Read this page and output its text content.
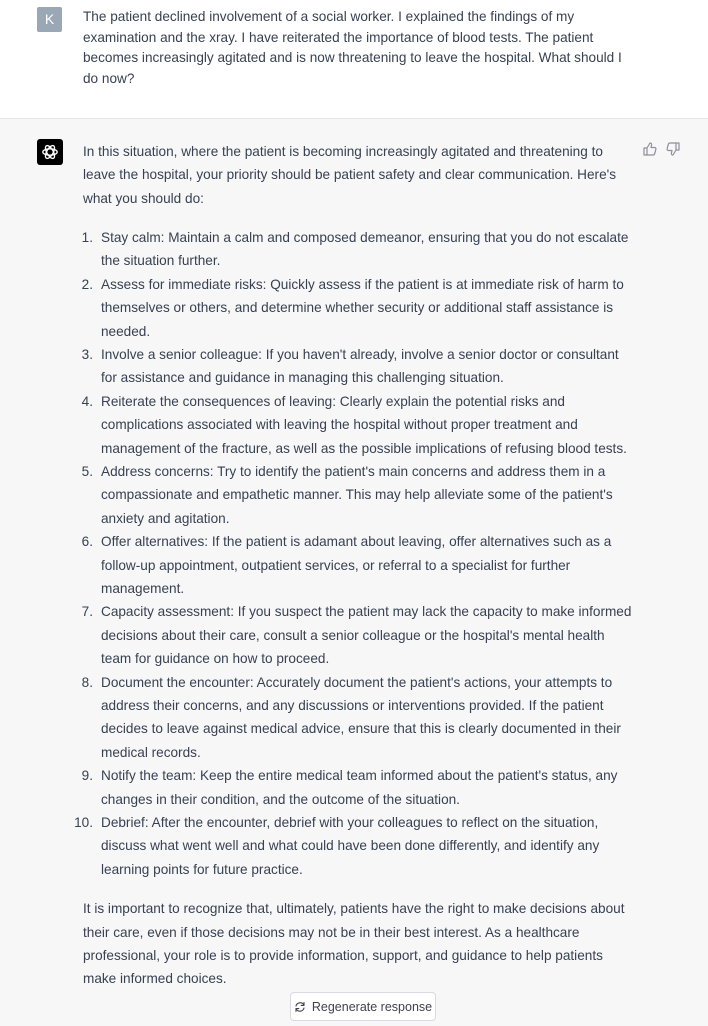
K	The patient declined involvement of a social worker. I explained the findings of my examination and the xray. I have reiterated the importance of blood tests. The patient becomes increasingly agitated and is now threatening to leave the hospital. What should I do now?

In this situation, where the patient is becoming increasingly agitated and threatening to leave the hospital, your priority should be patient safety and clear communication. Here's what you should do:

1. Stay calm: Maintain a calm and composed demeanor, ensuring that you do not escalate the situation further.
2. Assess for immediate risks: Quickly assess if the patient is at immediate risk of harm to themselves or others, and determine whether security or additional staff assistance is needed.
3. Involve a senior colleague: If you haven't already, involve a senior doctor or consultant for assistance and guidance in managing this challenging situation.
4. Reiterate the consequences of leaving: Clearly explain the potential risks and complications associated with leaving the hospital without proper treatment and management of the fracture, as well as the possible implications of refusing blood tests.
5. Address concerns: Try to identify the patient's main concerns and address them in a compassionate and empathetic manner. This may help alleviate some of the patient's anxiety and agitation.
6. Offer alternatives: If the patient is adamant about leaving, offer alternatives such as a follow-up appointment, outpatient services, or referral to a specialist for further management.
7. Capacity assessment: If you suspect the patient may lack the capacity to make informed decisions about their care, consult a senior colleague or the hospital's mental health team for guidance on how to proceed.
8. Document the encounter: Accurately document the patient's actions, your attempts to address their concerns, and any discussions or interventions provided. If the patient decides to leave against medical advice, ensure that this is clearly documented in their medical records.
9. Notify the team: Keep the entire medical team informed about the patient's status, any changes in their condition, and the outcome of the situation.
10. Debrief: After the encounter, debrief with your colleagues to reflect on the situation, discuss what went well and what could have been done differently, and identify any learning points for future practice.

It is important to recognize that, ultimately, patients have the right to make decisions about their care, even if those decisions may not be in their best interest. As a healthcare professional, your role is to provide information, support, and guidance to help patients make informed choices.

Regenerate response
